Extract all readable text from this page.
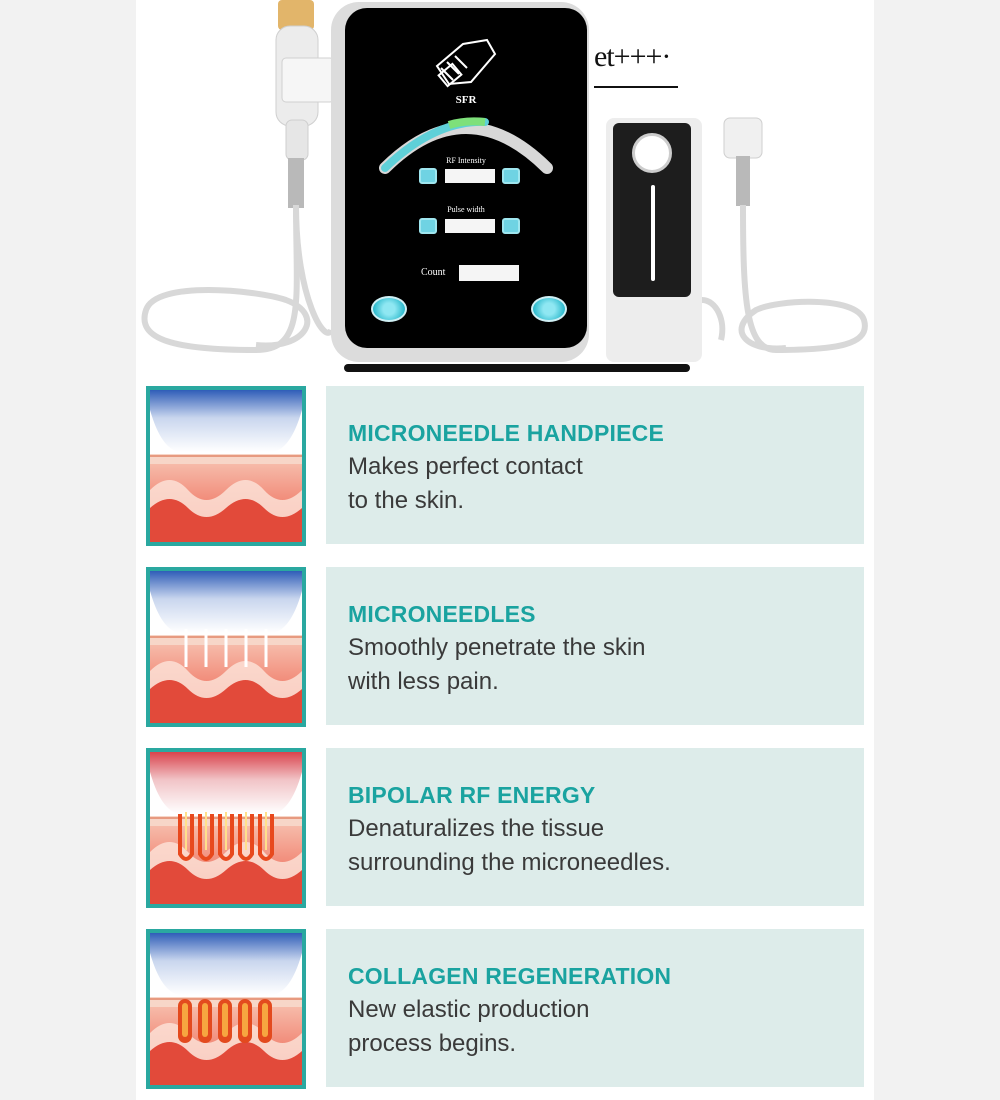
SFR
RF Intensity
Pulse width
Count
et+++·
MICRONEEDLE HANDPIECE
Makes perfect contact
to the skin.
MICRONEEDLES
Smoothly penetrate the skin
with less pain.
BIPOLAR RF ENERGY
Denaturalizes the tissue
surrounding the microneedles.
COLLAGEN REGENERATION
New elastic production
process begins.
